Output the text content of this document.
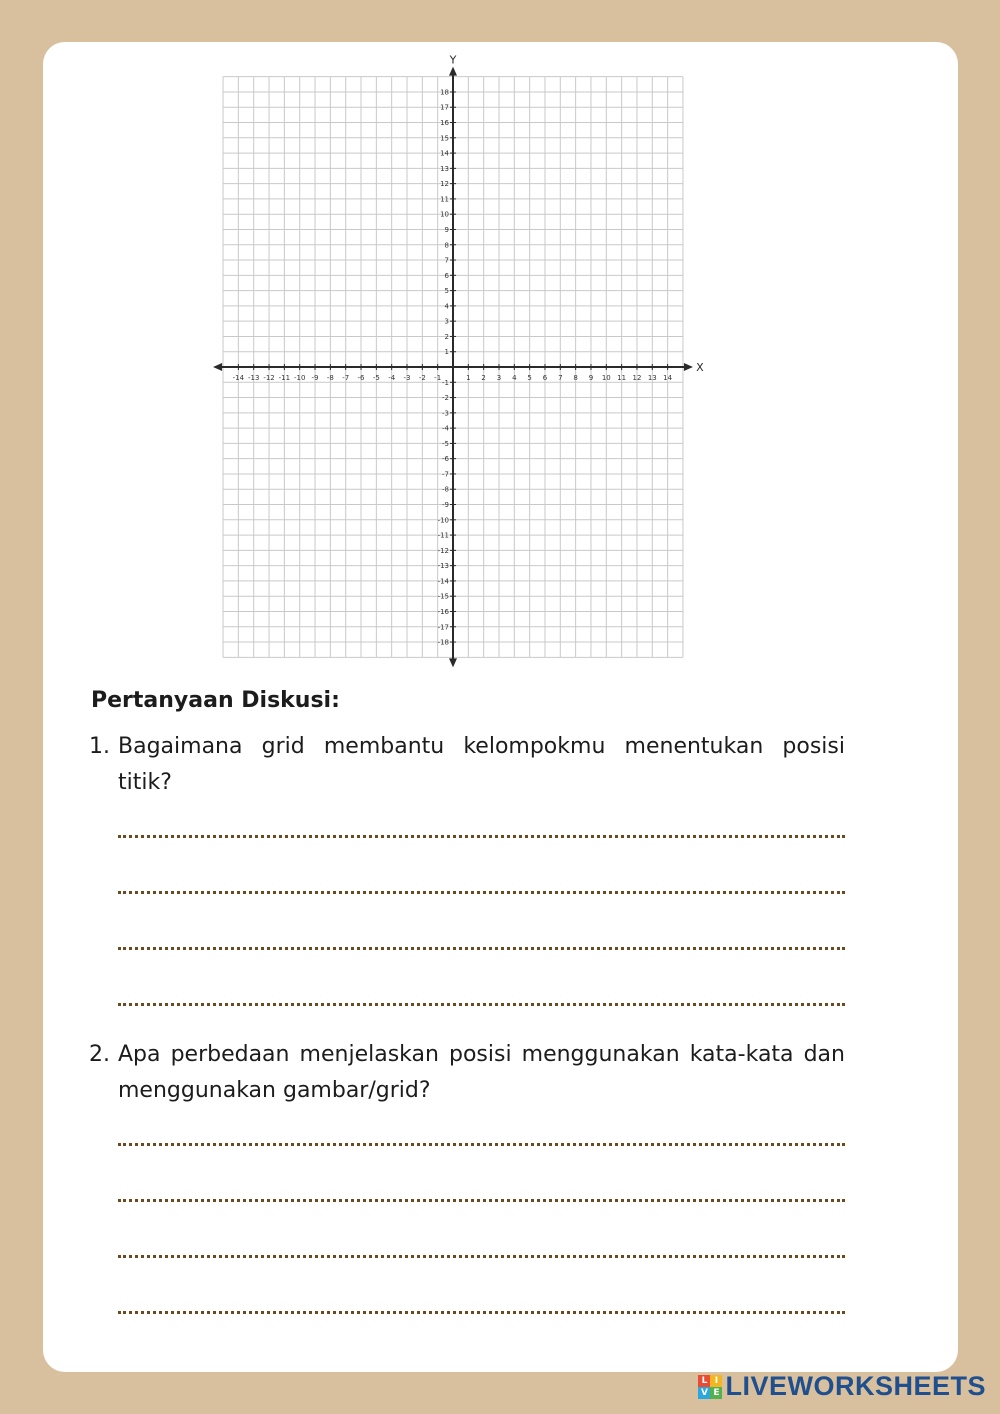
X
Y
-14 -13 -12 -11 -10 -9 -8 -7 -6 -5 -4 -3 -2 -1	1 2 3 4 5 6 7 8 9 10 11 12 13 14
18
17
16
15
14
13
12
11
10
9
8
7
6
5
4
3
2
1
-1
-2
-3
-4
-5
-6
-7
-8
-9
-10
-11
-12
-13
-14
-15
-16
-17
-18
Pertanyaan Diskusi:
1. Bagaimana grid membantu kelompokmu menentukan posisi titik?
2. Apa perbedaan menjelaskan posisi menggunakan kata-kata dan menggunakan gambar/grid?
L I
V E LIVEWORKSHEETS
